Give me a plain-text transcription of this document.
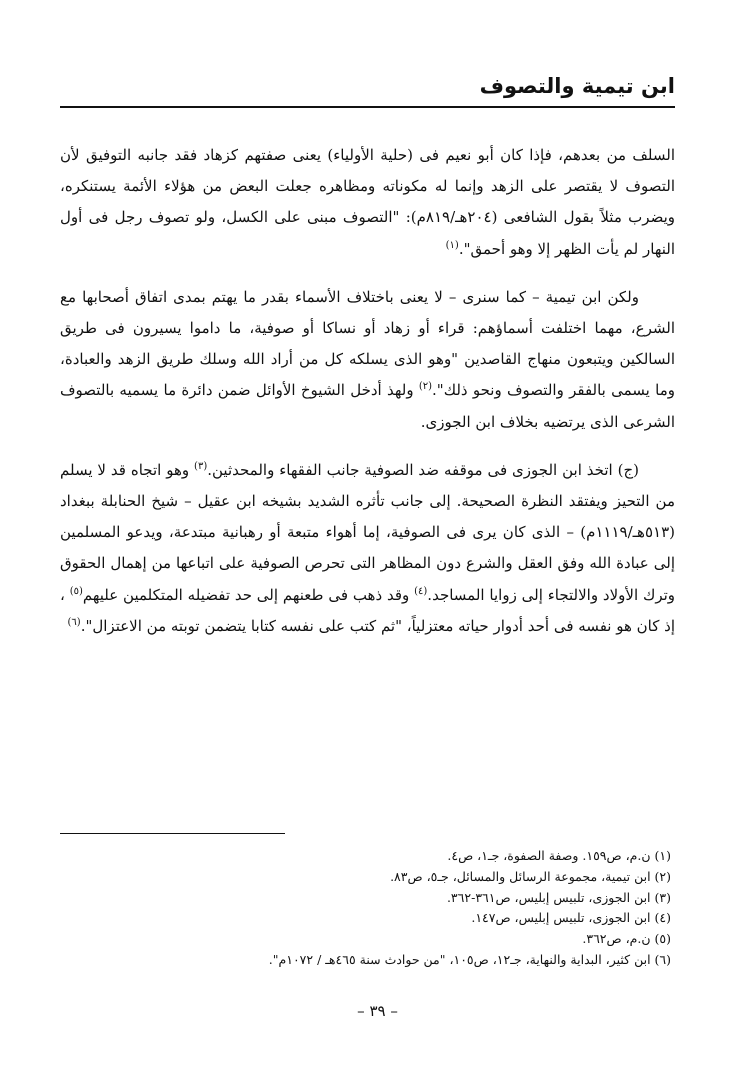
ابن تيمية والتصوف

السلف من بعدهم، فإذا كان أبو نعيم فى (حلية الأولياء) يعنى صفتهم كزهاد فقد جانبه التوفيق لأن التصوف لا يقتصر على الزهد وإنما له مكوناته ومظاهره جعلت البعض من هؤلاء الأئمة يستنكره، ويضرب مثلاً بقول الشافعى (٢٠٤هـ/٨١٩م): "التصوف مبنى على الكسل، ولو تصوف رجل فى أول النهار لم يأت الظهر إلا وهو أحمق".$^{(١)}$

ولكن ابن تيمية – كما سنرى – لا يعنى باختلاف الأسماء بقدر ما يهتم بمدى اتفاق أصحابها مع الشرع، مهما اختلفت أسماؤهم: قراء أو زهاد أو نساكا أو صوفية، ما داموا يسيرون فى طريق السالكين ويتبعون منهاج القاصدين "وهو الذى يسلكه كل من أراد الله وسلك طريق الزهد والعبادة، وما يسمى بالفقر والتصوف ونحو ذلك".$^{(٢)}$ ولهذ أدخل الشيوخ الأوائل ضمن دائرة ما يسميه بالتصوف الشرعى الذى يرتضيه بخلاف ابن الجوزى.

(ج) اتخذ ابن الجوزى فى موقفه ضد الصوفية جانب الفقهاء والمحدثين.$^{(٣)}$ وهو اتجاه قد لا يسلم من التحيز ويفتقد النظرة الصحيحة. إلى جانب تأثره الشديد بشيخه ابن عقيل – شيخ الحنابلة ببغداد (٥١٣هـ/١١١٩م) – الذى كان يرى فى الصوفية، إما أهواء متبعة أو رهبانية مبتدعة، ويدعو المسلمين إلى عبادة الله وفق العقل والشرع دون المظاهر التى تحرص الصوفية على اتباعها من إهمال الحقوق وترك الأولاد والالتجاء إلى زوايا المساجد.$^{(٤)}$ وقد ذهب فى طعنهم إلى حد تفضيله المتكلمين عليهم$^{(٥)}$ ، إذ كان هو نفسه فى أحد أدوار حياته معتزلياً، "ثم كتب على نفسه كتابا يتضمن توبته من الاعتزال".$^{(٦)}$

(١) ن.م، ص١٥٩. وصفة الصفوة، جـ١، ص٤.
(٢) ابن تيمية، مجموعة الرسائل والمسائل، جـ٥، ص٨٣.
(٣) ابن الجوزى، تلبيس إبليس، ص٣٦١-٣٦٢.
(٤) ابن الجوزى، تلبيس إبليس، ص١٤٧.
(٥) ن.م، ص٣٦٢.
(٦) ابن كثير، البداية والنهاية، جـ١٢، ص١٠٥، "من حوادث سنة ٤٦٥هـ / ١٠٧٢م".
– ٣٩ –
